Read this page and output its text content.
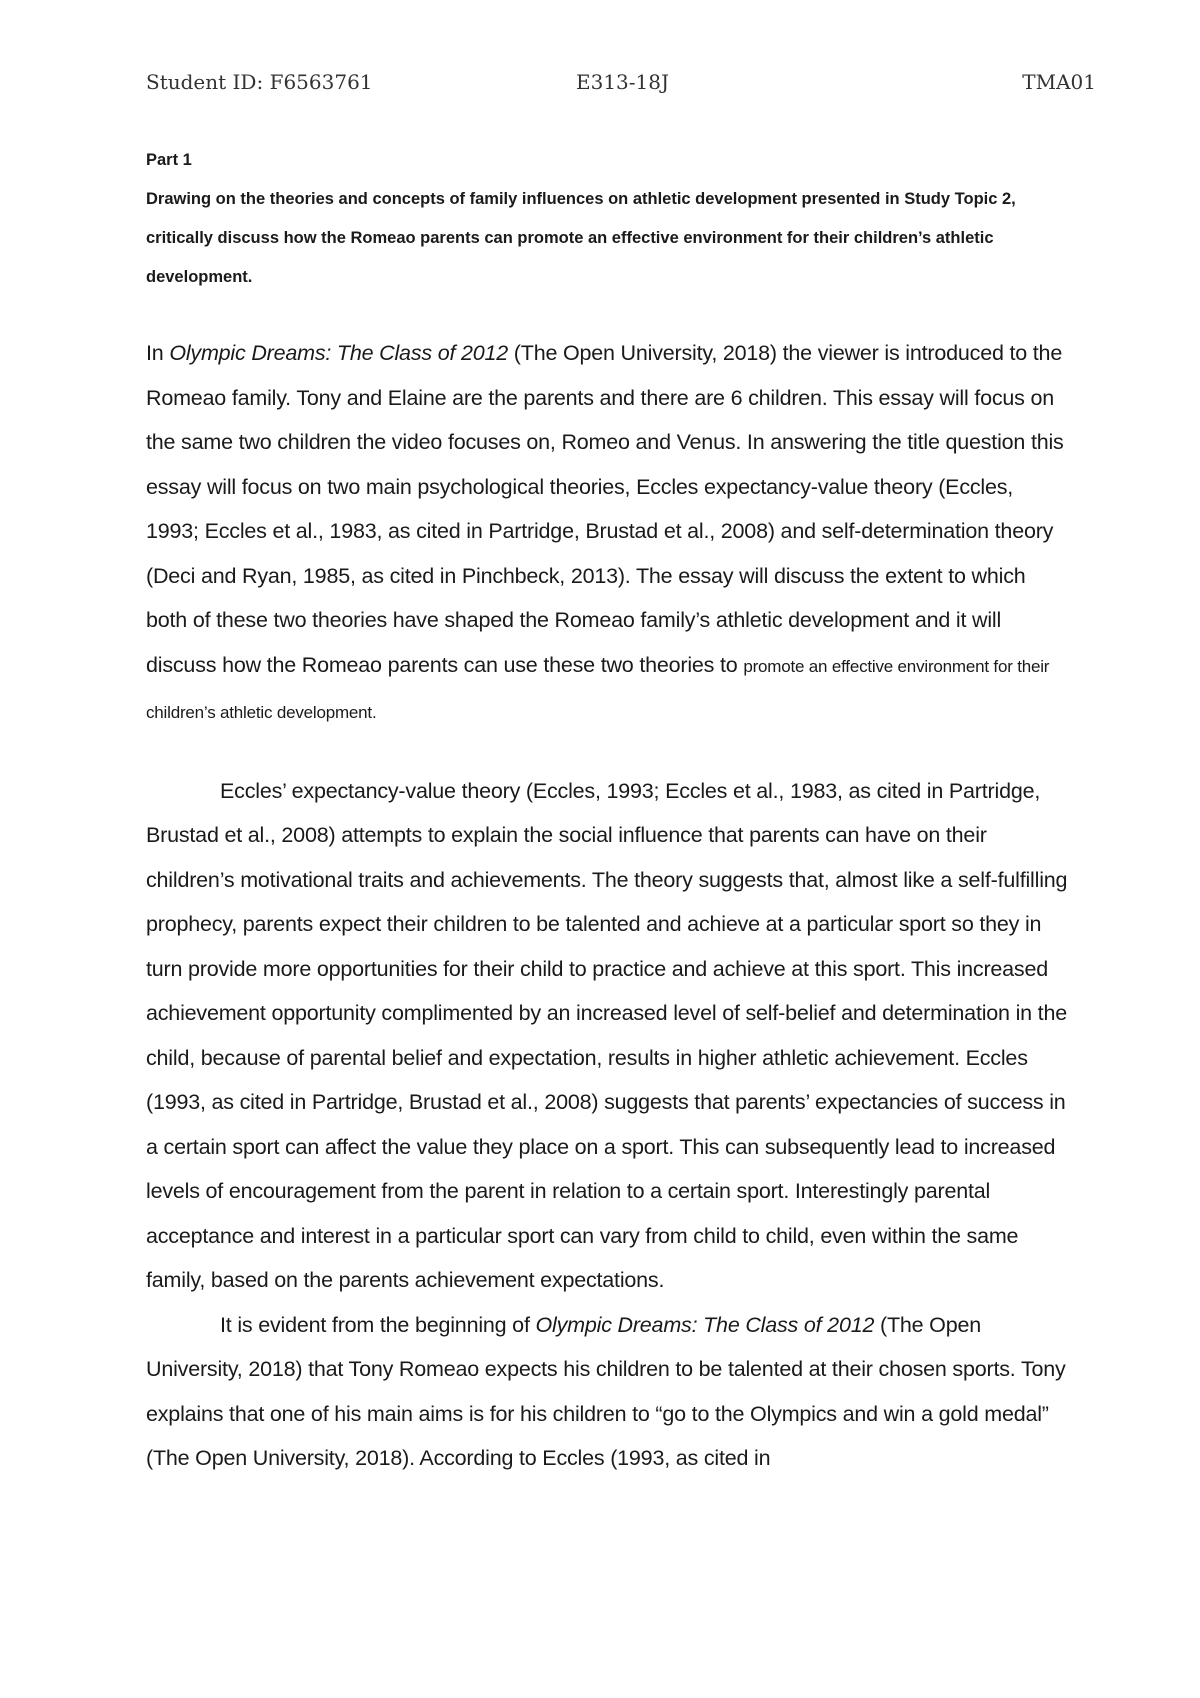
Student ID: F6563761	E313-18J	TMA01

Part 1

Drawing on the theories and concepts of family influences on athletic development presented in Study Topic 2, critically discuss how the Romeao parents can promote an effective environment for their children’s athletic development.

In Olympic Dreams: The Class of 2012 (The Open University, 2018) the viewer is introduced to the Romeao family. Tony and Elaine are the parents and there are 6 children. This essay will focus on the same two children the video focuses on, Romeo and Venus. In answering the title question this essay will focus on two main psychological theories, Eccles expectancy-value theory (Eccles, 1993; Eccles et al., 1983, as cited in Partridge, Brustad et al., 2008) and self-determination theory (Deci and Ryan, 1985, as cited in Pinchbeck, 2013). The essay will discuss the extent to which both of these two theories have shaped the Romeao family’s athletic development and it will discuss how the Romeao parents can use these two theories to promote an effective environment for their children’s athletic development.

Eccles’ expectancy-value theory (Eccles, 1993; Eccles et al., 1983, as cited in Partridge, Brustad et al., 2008) attempts to explain the social influence that parents can have on their children’s motivational traits and achievements. The theory suggests that, almost like a self-fulfilling prophecy, parents expect their children to be talented and achieve at a particular sport so they in turn provide more opportunities for their child to practice and achieve at this sport. This increased achievement opportunity complimented by an increased level of self-belief and determination in the child, because of parental belief and expectation, results in higher athletic achievement. Eccles (1993, as cited in Partridge, Brustad et al., 2008) suggests that parents’ expectancies of success in a certain sport can affect the value they place on a sport. This can subsequently lead to increased levels of encouragement from the parent in relation to a certain sport. Interestingly parental acceptance and interest in a particular sport can vary from child to child, even within the same family, based on the parents achievement expectations.

It is evident from the beginning of Olympic Dreams: The Class of 2012 (The Open University, 2018) that Tony Romeao expects his children to be talented at their chosen sports. Tony explains that one of his main aims is for his children to “go to the Olympics and win a gold medal” (The Open University, 2018). According to Eccles (1993, as cited in
